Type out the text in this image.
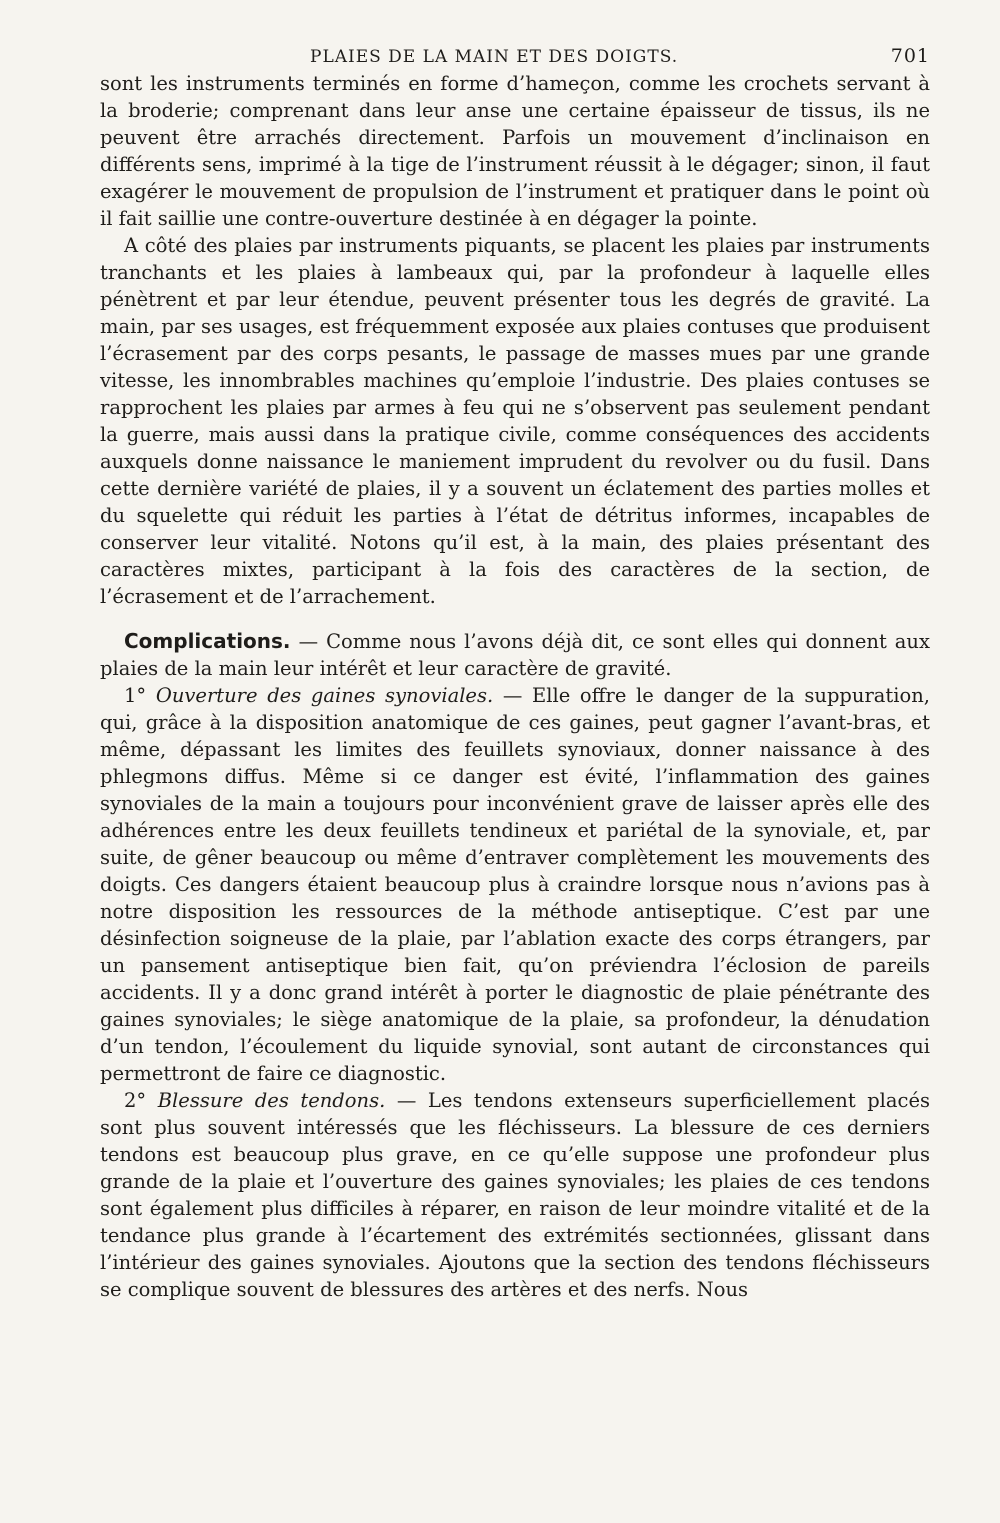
PLAIES DE LA MAIN ET DES DOIGTS.	701

sont les instruments terminés en forme d’hameçon, comme les crochets servant à la broderie; comprenant dans leur anse une certaine épaisseur de tissus, ils ne peuvent être arrachés directement. Parfois un mouvement d’inclinaison en différents sens, imprimé à la tige de l’instrument réussit à le dégager; sinon, il faut exagérer le mouvement de propulsion de l’instrument et pratiquer dans le point où il fait saillie une contre-ouverture destinée à en dégager la pointe.

A côté des plaies par instruments piquants, se placent les plaies par instruments tranchants et les plaies à lambeaux qui, par la profondeur à laquelle elles pénètrent et par leur étendue, peuvent présenter tous les degrés de gravité. La main, par ses usages, est fréquemment exposée aux plaies contuses que produisent l’écrasement par des corps pesants, le passage de masses mues par une grande vitesse, les innombrables machines qu’emploie l’industrie. Des plaies contuses se rapprochent les plaies par armes à feu qui ne s’observent pas seulement pendant la guerre, mais aussi dans la pratique civile, comme conséquences des accidents auxquels donne naissance le maniement imprudent du revolver ou du fusil. Dans cette dernière variété de plaies, il y a souvent un éclatement des parties molles et du squelette qui réduit les parties à l’état de détritus informes, incapables de conserver leur vitalité. Notons qu’il est, à la main, des plaies présentant des caractères mixtes, participant à la fois des caractères de la section, de l’écrasement et de l’arrachement.

Complications. — Comme nous l’avons déjà dit, ce sont elles qui donnent aux plaies de la main leur intérêt et leur caractère de gravité.

1° Ouverture des gaines synoviales. — Elle offre le danger de la suppuration, qui, grâce à la disposition anatomique de ces gaines, peut gagner l’avant-bras, et même, dépassant les limites des feuillets synoviaux, donner naissance à des phlegmons diffus. Même si ce danger est évité, l’inflammation des gaines synoviales de la main a toujours pour inconvénient grave de laisser après elle des adhérences entre les deux feuillets tendineux et pariétal de la synoviale, et, par suite, de gêner beaucoup ou même d’entraver complètement les mouvements des doigts. Ces dangers étaient beaucoup plus à craindre lorsque nous n’avions pas à notre disposition les ressources de la méthode antiseptique. C’est par une désinfection soigneuse de la plaie, par l’ablation exacte des corps étrangers, par un pansement antiseptique bien fait, qu’on préviendra l’éclosion de pareils accidents. Il y a donc grand intérêt à porter le diagnostic de plaie pénétrante des gaines synoviales; le siège anatomique de la plaie, sa profondeur, la dénudation d’un tendon, l’écoulement du liquide synovial, sont autant de circonstances qui permettront de faire ce diagnostic.

2° Blessure des tendons. — Les tendons extenseurs superficiellement placés sont plus souvent intéressés que les fléchisseurs. La blessure de ces derniers tendons est beaucoup plus grave, en ce qu’elle suppose une profondeur plus grande de la plaie et l’ouverture des gaines synoviales; les plaies de ces tendons sont également plus difficiles à réparer, en raison de leur moindre vitalité et de la tendance plus grande à l’écartement des extrémités sectionnées, glissant dans l’intérieur des gaines synoviales. Ajoutons que la section des tendons fléchisseurs se complique souvent de blessures des artères et des nerfs. Nous
